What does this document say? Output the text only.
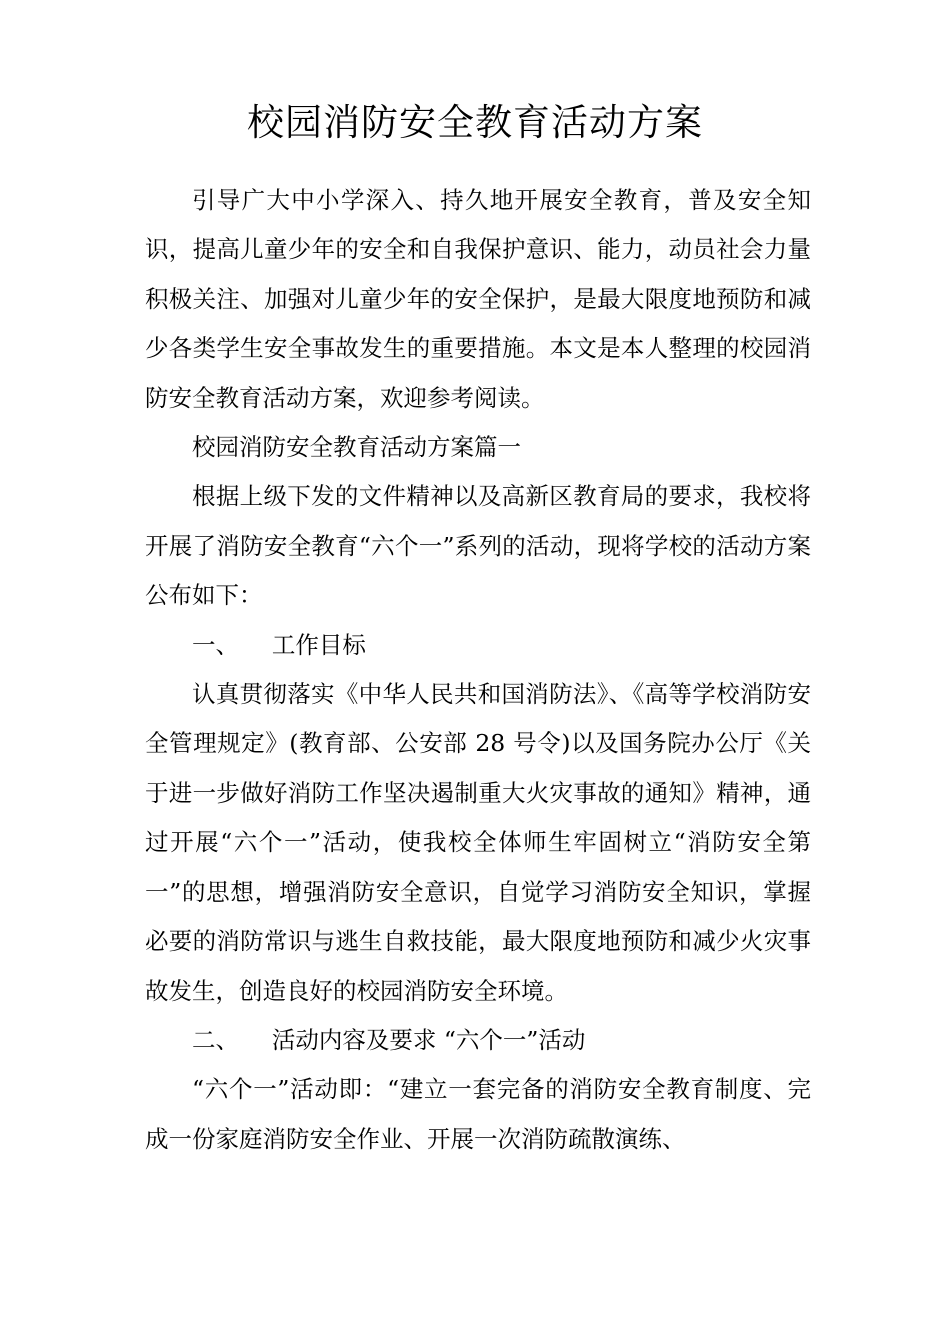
校园消防安全教育活动方案

引导广大中小学深入、持久地开展安全教育，普及安全知识，提高儿童少年的安全和自我保护意识、能力，动员社会力量积极关注、加强对儿童少年的安全保护，是最大限度地预防和减少各类学生安全事故发生的重要措施。本文是本人整理的校园消防安全教育活动方案，欢迎参考阅读。

校园消防安全教育活动方案篇一

根据上级下发的文件精神以及高新区教育局的要求，我校将开展了消防安全教育“六个一”系列的活动，现将学校的活动方案公布如下：

一、 工作目标

认真贯彻落实《中华人民共和国消防法》、《高等学校消防安全管理规定》(教育部、公安部 28 号令)以及国务院办公厅《关于进一步做好消防工作坚决遏制重大火灾事故的通知》精神，通过开展“六个一”活动，使我校全体师生牢固树立“消防安全第一”的思想，增强消防安全意识，自觉学习消防安全知识，掌握必要的消防常识与逃生自救技能，最大限度地预防和减少火灾事故发生，创造良好的校园消防安全环境。

二、 活动内容及要求 “六个一”活动

“六个一”活动即：“建立一套完备的消防安全教育制度、完成一份家庭消防安全作业、开展一次消防疏散演练、
